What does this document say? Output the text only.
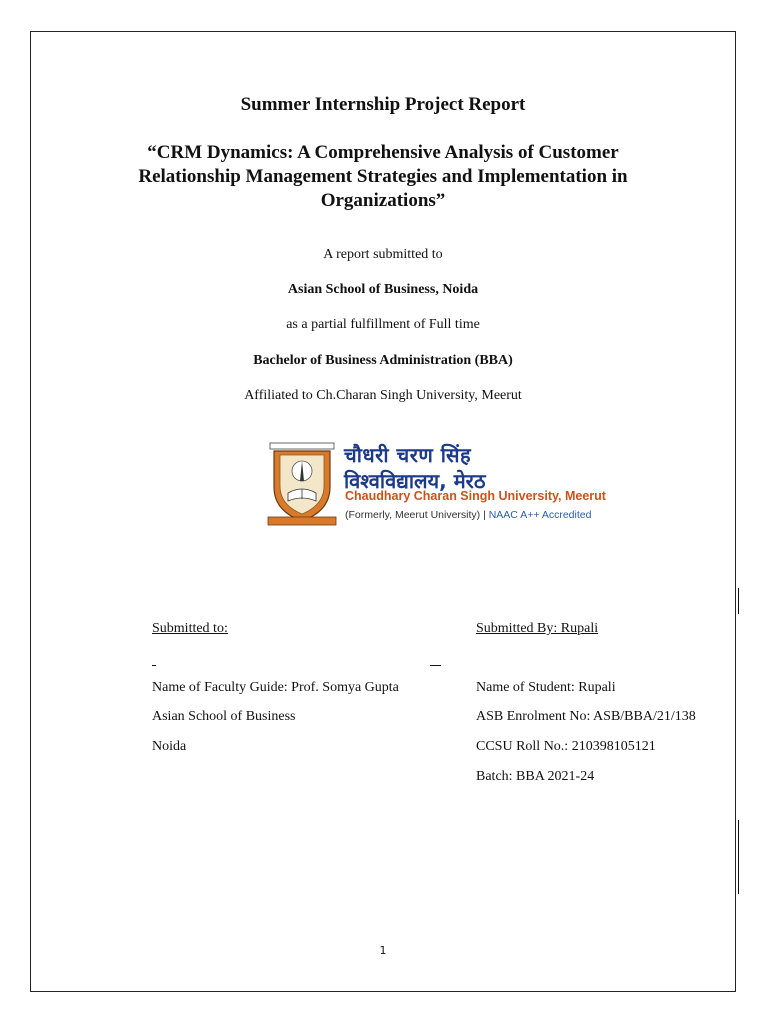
Summer Internship Project Report
“CRM Dynamics: A Comprehensive Analysis of Customer Relationship Management Strategies and Implementation in Organizations”
A report submitted to
Asian School of Business, Noida
as a partial fulfillment of Full time
Bachelor of Business Administration (BBA)
Affiliated to Ch.Charan Singh University, Meerut
चौधरी चरण सिंह
विश्वविद्यालय, मेरठ
Chaudhary Charan Singh University, Meerut
(Formerly, Meerut University) | NAAC A++ Accredited
Submitted to:
Name of Faculty Guide: Prof. Somya Gupta
Asian School of Business
Noida
Submitted By: Rupali
Name of Student: Rupali
ASB Enrolment No: ASB/BBA/21/138
CCSU Roll No.: 210398105121
Batch: BBA 2021-24
1
